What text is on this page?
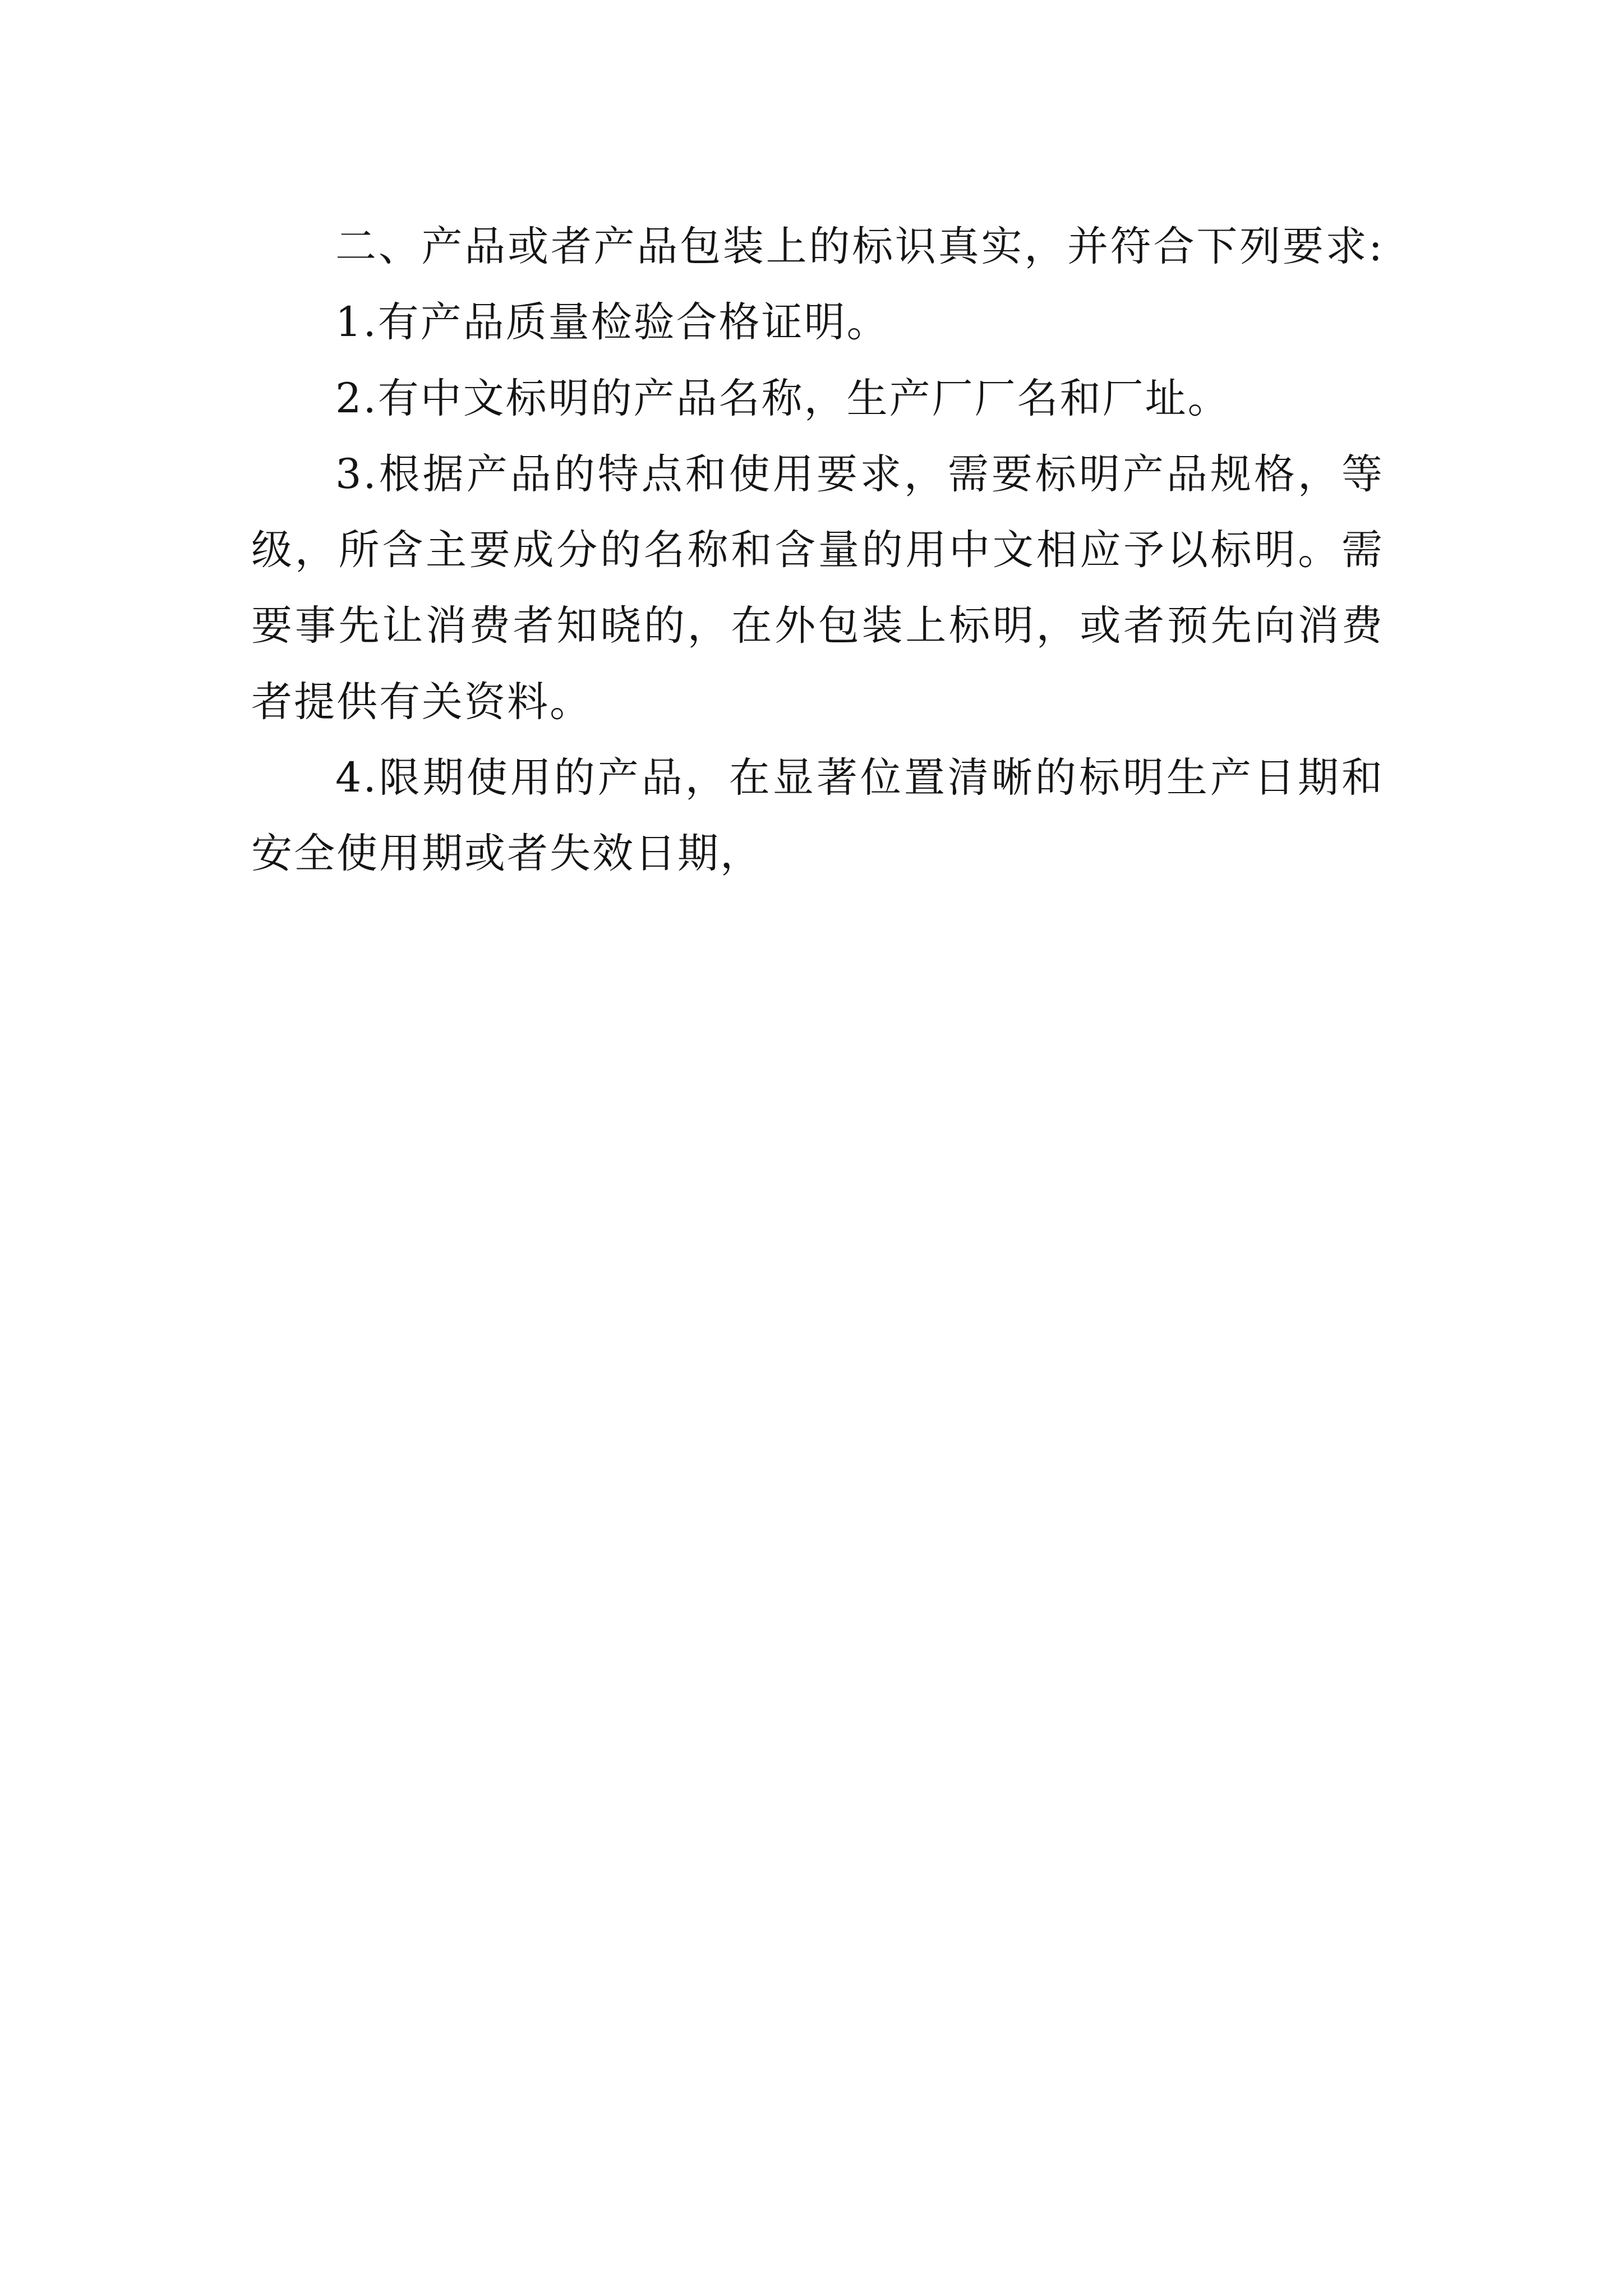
二、产品或者产品包装上的标识真实，并符合下列要求:
1.有产品质量检验合格证明。
2.有中文标明的产品名称，生产厂厂名和厂址。
3.根据产品的特点和使用要求，需要标明产品规格，等
级，所含主要成分的名称和含量的用中文相应予以标明。需
要事先让消费者知晓的，在外包装上标明，或者预先向消费
者提供有关资料。
4.限期使用的产品，在显著位置清晰的标明生产日期和
安全使用期或者失效日期，
